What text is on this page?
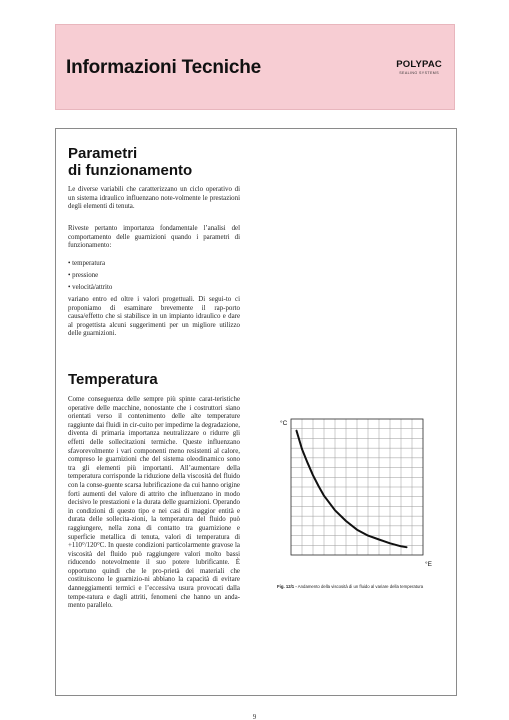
Informazioni Tecniche	POLYPAC
SEALING SYSTEMS
Parametri
di funzionamento

Le diverse variabili che caratterizzano un ciclo operativo di un sistema idraulico influenzano note-volmente le prestazioni degli elementi di tenuta.

Riveste pertanto importanza fondamentale l’analisi del comportamento delle guarnizioni quando i parametri di funzionamento:

• temperatura
• pressione
• velocità/attrito

variano entro ed oltre i valori progettuali. Di segui-to ci proponiamo di esaminare brevemente il rap-porto causa/effetto che si stabilisce in un impianto idraulico e dare al progettista alcuni suggerimenti per un migliore utilizzo delle guarnizioni.

Temperatura

Come conseguenza delle sempre più spinte carat-teristiche operative delle macchine, nonostante che i costruttori siano orientati verso il contenimento delle alte temperature raggiunte dai fluidi in cir-cuito per impedirne la degradazione, diventa di primaria importanza neutralizzare o ridurre gli effetti delle sollecitazioni termiche. Queste influenzano sfavorevolmente i vari componenti meno resistenti al calore, compreso le guarnizioni che del sistema oleodinamico sono tra gli elementi più importanti. All’aumentare della temperatura corrisponde la riduzione della viscosità del fluido con la conse-guente scarsa lubrificazione da cui hanno origine forti aumenti del valore di attrito che influenzano in modo decisivo le prestazioni e la durata delle guarnizioni. Operando in condizioni di questo tipo e nei casi di maggior entità e durata delle sollecita-zioni, la temperatura del fluido può raggiungere, nella zona di contatto tra guarnizione e superficie metallica di tenuta, valori di temperatura di +110°/120°C. In queste condizioni particolarmente gravose la viscosità del fluido può raggiungere valori molto bassi riducendo notevolmente il suo potere lubrificante. È opportuno quindi che le pro-prietà dei materiali che costituiscono le guarnizio-ni abbiano la capacità di evitare danneggiamenti termici e l’eccessiva usura provocati dalla tempe-ratura e dagli attriti, fenomeni che hanno un anda-mento parallelo.

°C
°E
Fig. 12/1 - Andamento della viscosità di un fluido al variare della temperatura
9
